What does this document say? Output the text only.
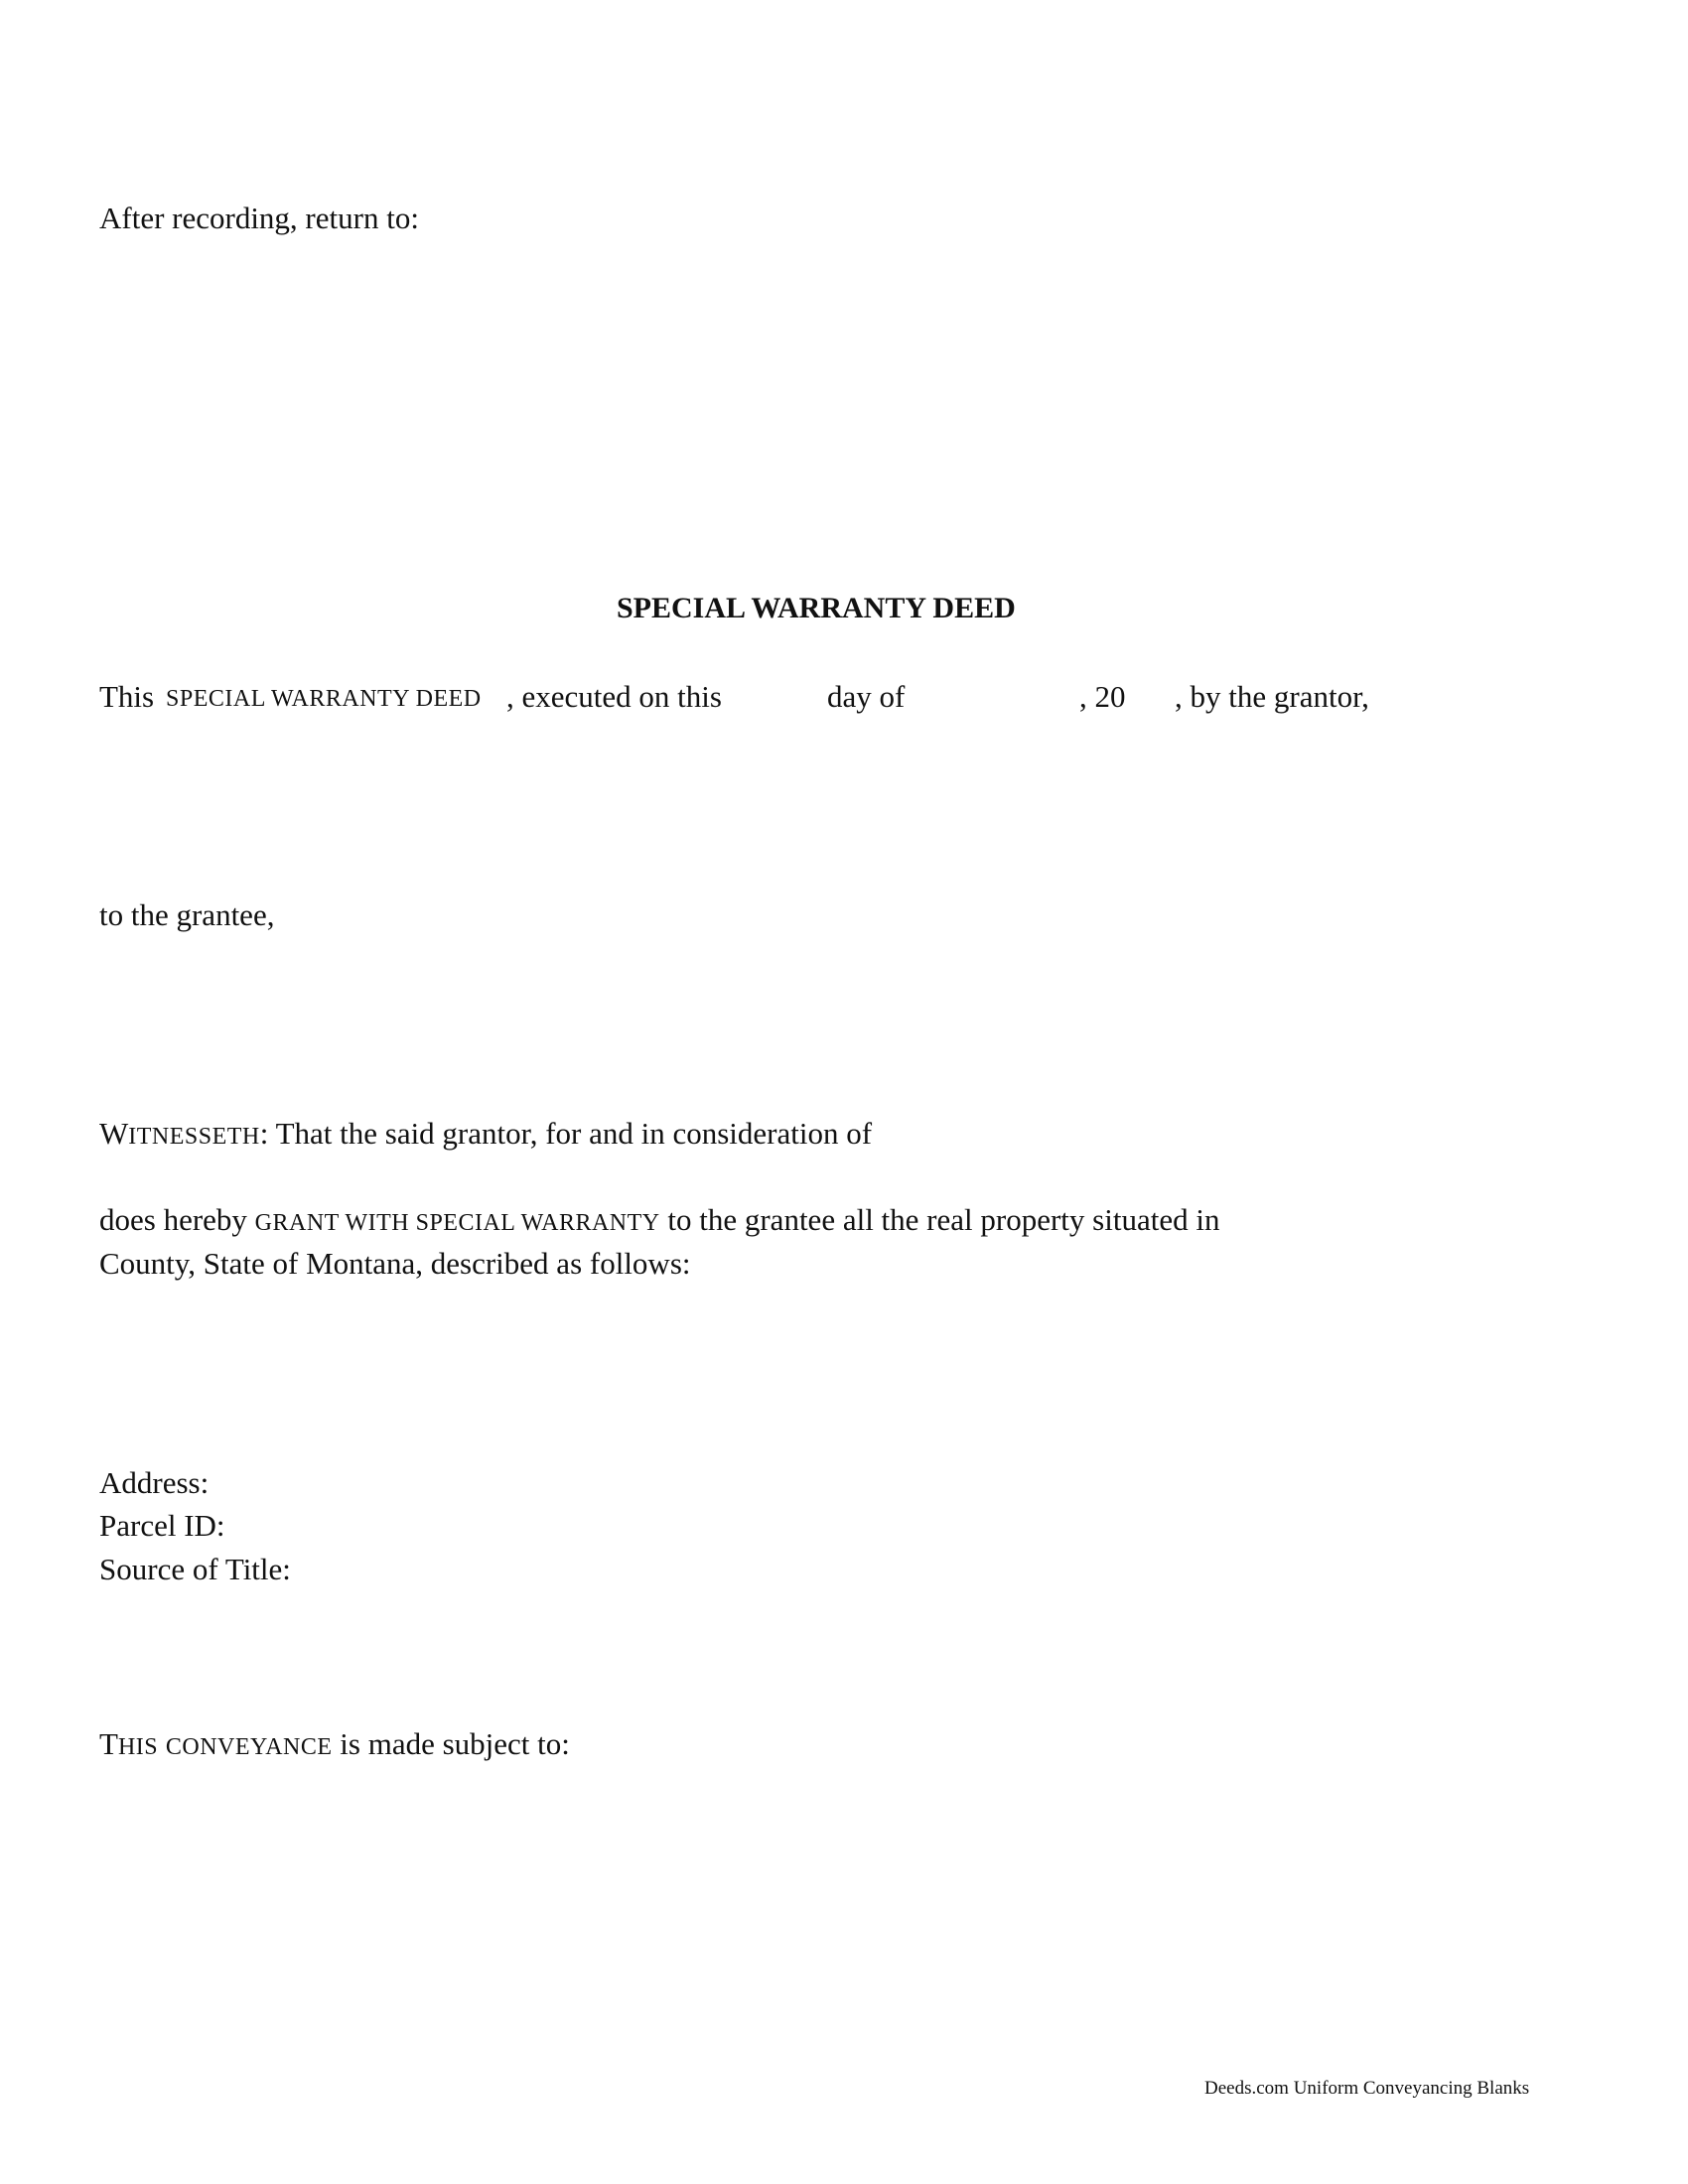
After recording, return to:
SPECIAL WARRANTY DEED
This SPECIAL WARRANTY DEED , executed on this	day of	, 20 , by the grantor,
to the grantee,
WITNESSETH: That the said grantor, for and in consideration of
does hereby GRANT WITH SPECIAL WARRANTY to the grantee all the real property situated in
County, State of Montana, described as follows:
Address:
Parcel ID:
Source of Title:
THIS CONVEYANCE is made subject to:
Deeds.com Uniform Conveyancing Blanks
